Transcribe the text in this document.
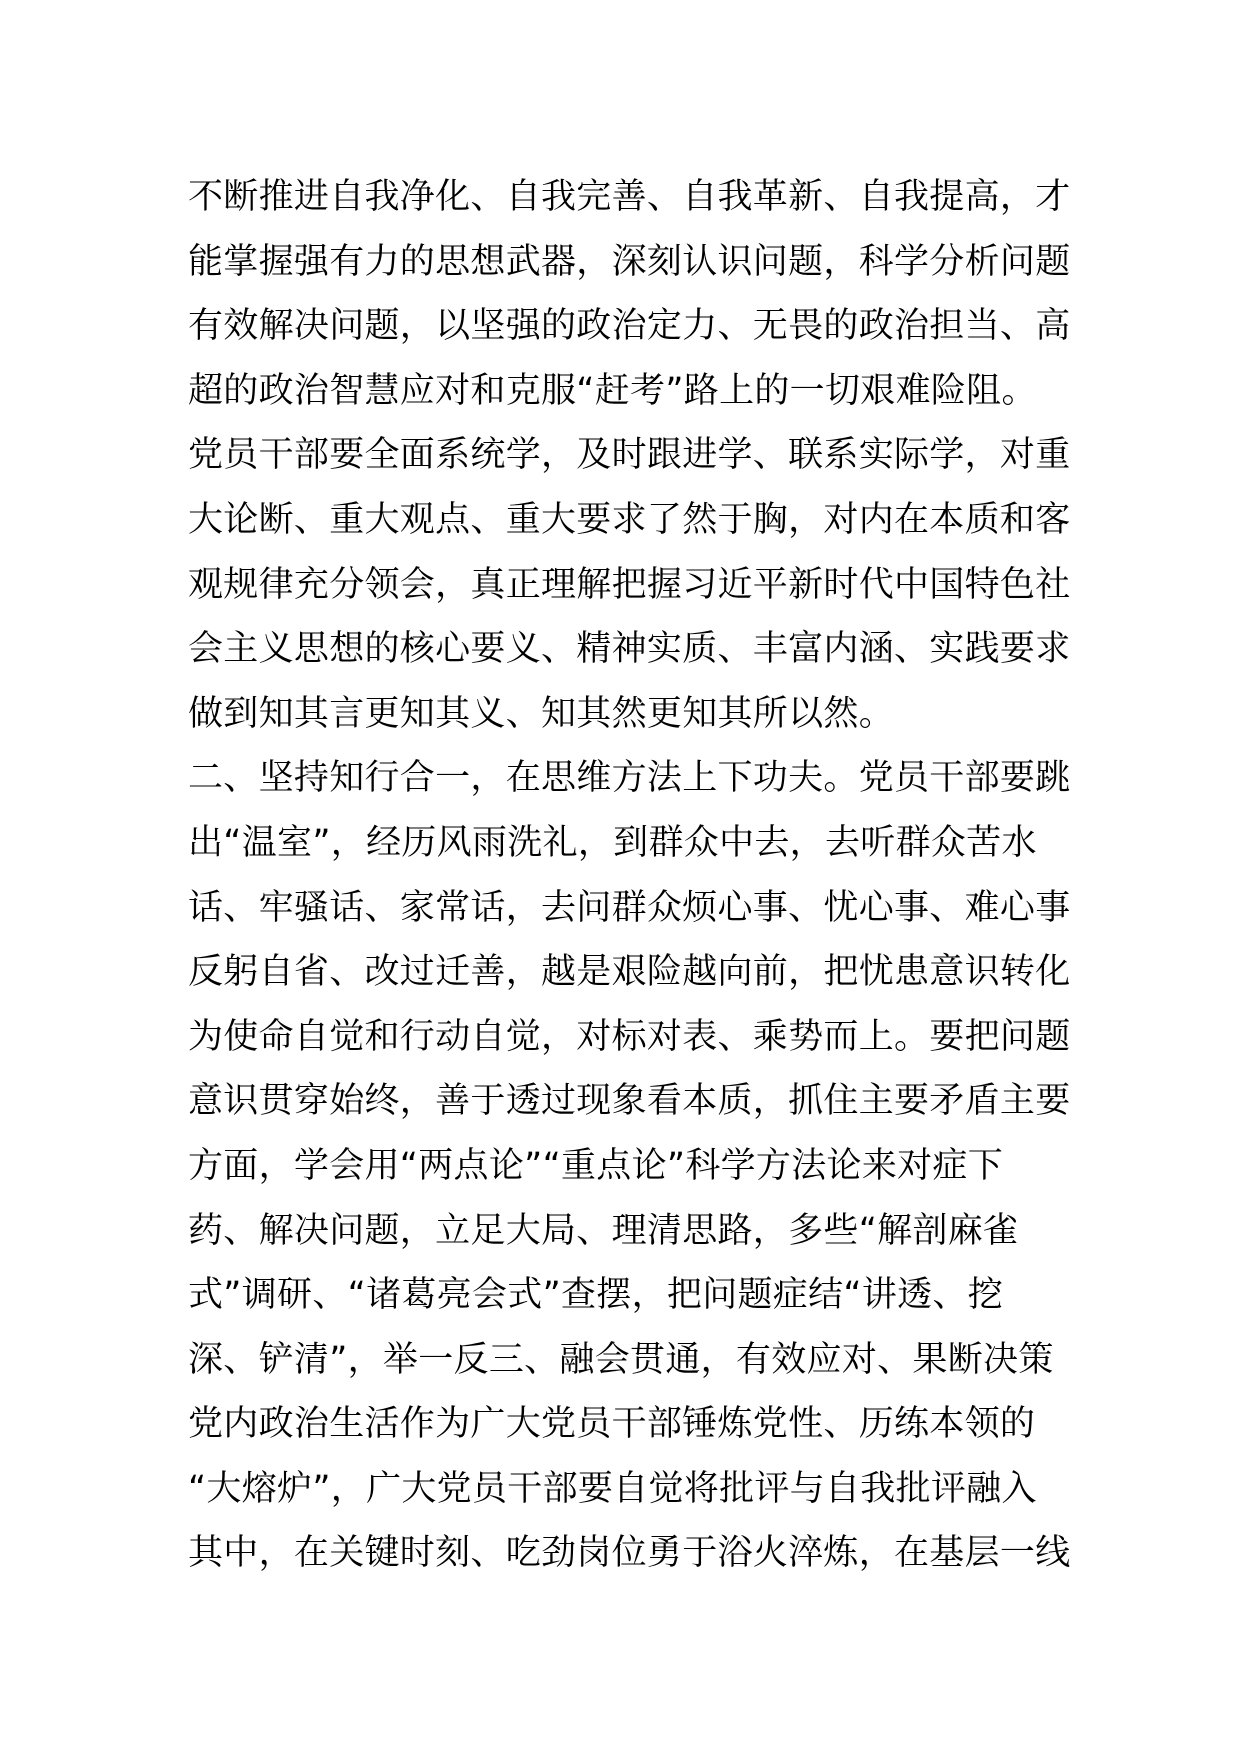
不断推进自我净化、自我完善、自我革新、自我提高，才
能掌握强有力的思想武器，深刻认识问题，科学分析问题
有效解决问题，以坚强的政治定力、无畏的政治担当、高
超的政治智慧应对和克服“赶考”路上的一切艰难险阻。
党员干部要全面系统学，及时跟进学、联系实际学，对重
大论断、重大观点、重大要求了然于胸，对内在本质和客
观规律充分领会，真正理解把握习近平新时代中国特色社
会主义思想的核心要义、精神实质、丰富内涵、实践要求
做到知其言更知其义、知其然更知其所以然。
二、坚持知行合一，在思维方法上下功夫。党员干部要跳
出“温室”，经历风雨洗礼，到群众中去，去听群众苦水
话、牢骚话、家常话，去问群众烦心事、忧心事、难心事
反躬自省、改过迁善，越是艰险越向前，把忧患意识转化
为使命自觉和行动自觉，对标对表、乘势而上。要把问题
意识贯穿始终，善于透过现象看本质，抓住主要矛盾主要
方面，学会用“两点论”“重点论”科学方法论来对症下
药、解决问题，立足大局、理清思路，多些“解剖麻雀
式”调研、“诸葛亮会式”查摆，把问题症结“讲透、挖
深、铲清”，举一反三、融会贯通，有效应对、果断决策
党内政治生活作为广大党员干部锤炼党性、历练本领的
“大熔炉”，广大党员干部要自觉将批评与自我批评融入
其中，在关键时刻、吃劲岗位勇于浴火淬炼，在基层一线
